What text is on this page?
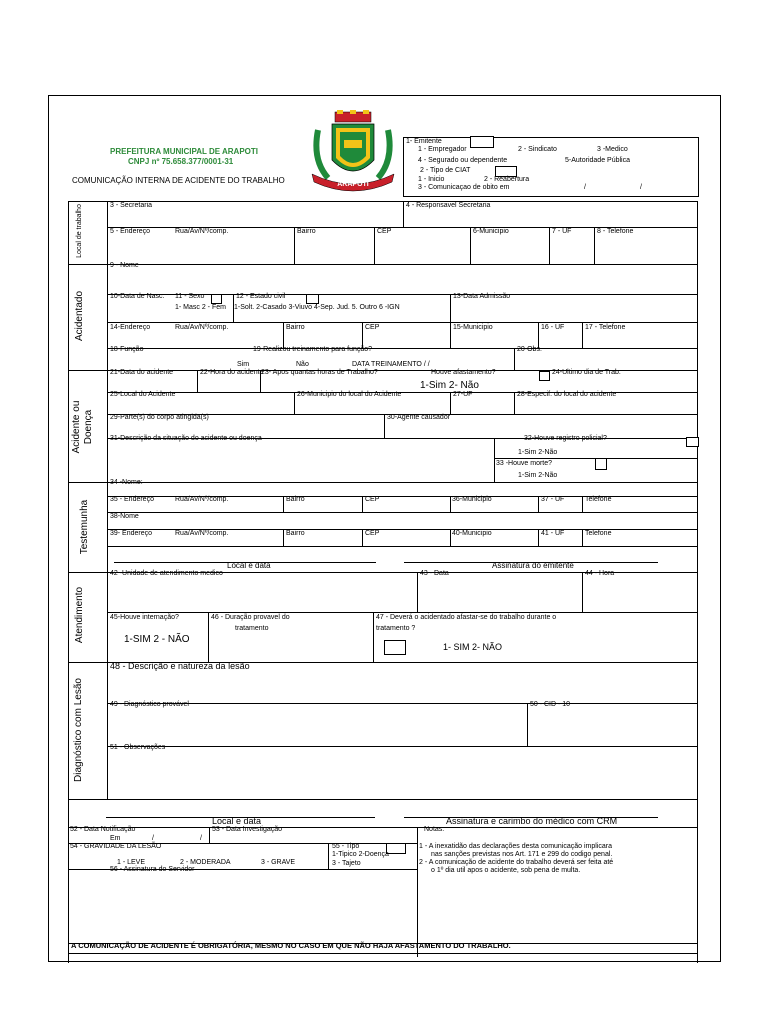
PREFEITURA MUNICIPAL DE ARAPOTI
CNPJ nº 75.658.377/0001-31
COMUNICAÇÃO INTERNA DE ACIDENTE DO TRABALHO	ARAPOTI
1- Emitente
1 - Empregador	2 - Sindicato	3 -Medico
4 - Segurado ou dependente	5-Autoridade Pública
2 - Tipo de CIAT
1 - Inicio	2 - Reabertura
3 - Comunicaçao de obito em	/	/
Local de trabalho	3 - Secretaria	4 - Responsavel Secretaria
5 - Endereço	Rua/Av/Nº/comp.	Bairro	CEP	6-Municipio	7 - UF	8 - Telefone
Acidentado
9 - Nome
10-Data de Nasc. 11 - Sexo
1- Masc 2 - Fem
12 - Estado civil
1-Solt. 2-Casado 3-Viuvo 4-Sep. Jud. 5. Outro 6 -IGN
13-Data Admissão
14-Endereço	Rua/Av/Nº/comp.	Bairro	CEP	15-Municipio	16 - UF	17 - Telefone
18-Função	19-Realizou treinamento para função?
Sim	Não	DATA TREINAMENTO / /
20-Obs.
Acidente ou Doença
21-Data do acidente	22-Hora do acidente
23- Apos quantas horas de Trabalho?	Houve afastamento?
1-Sim 2- Não
24-Ultimo dia de Trab.
25-Local do Acidente	26-Municipio do local do Acidente	27-UF	28-Especif. do local do acidente
29-Parte(s) do corpo atingida(s)	30-Agente causador
31-Descrição da situação do acidente ou doença	32-Houve registro policial?
1-Sim 2-Não
33 -Houve morte?
1-Sim 2-Não
Testemunha
34 -Nome:
35 - Endereço	Rua/Av/Nº/comp.	Bairro	CEP	36-Municipio	37 - UF	Telefone
38-Nome
39- Endereço	Rua/Av/Nº/comp.	Bairro	CEP	40-Municipio	41 - UF	Telefone
Local e data	Assinatura do emitente
Atendimento
42 -Unidade de atendimento medico	43 - Data	44 - Hora
45-Houve internação?
1-SIM 2 - NÃO
46 - Duração provavel do
tratamento
47 - Deverá o acidentado afastar-se do trabalho durante o
tratamento ?
1- SIM 2- NÃO
Diagnóstico com Lesão
48 - Descrição e natureza da lesão
49 - Diagnóstico provável	50 - CID - 10
51 - Observações
Local e data	Assinatura e carimbo do médico com CRM
52 - Data Notificação
Em	/	/
53 - Data Investigação	Notas:
54 - GRAVIDADE DA LESÃO
1 - LEVE	2 - MODERADA	3 - GRAVE
55 - Tipo
1-Tipico 2-Doença
3 - Tajeto
56 - Assinatura do Servidor
1 - A inexatidão das declarações desta comunicação implicara
nas sanções previstas nos Art. 171 e 299 do codigo penal.
2 - A comunicação de acidente do trabalho deverá ser feita até
o 1º dia util apos o acidente, sob pena de multa.
A COMUNICAÇÃO DE ACIDENTE É OBRIGATÓRIA, MESMO NO CASO EM QUE NÃO HAJA AFASTAMENTO DO TRABALHO.
